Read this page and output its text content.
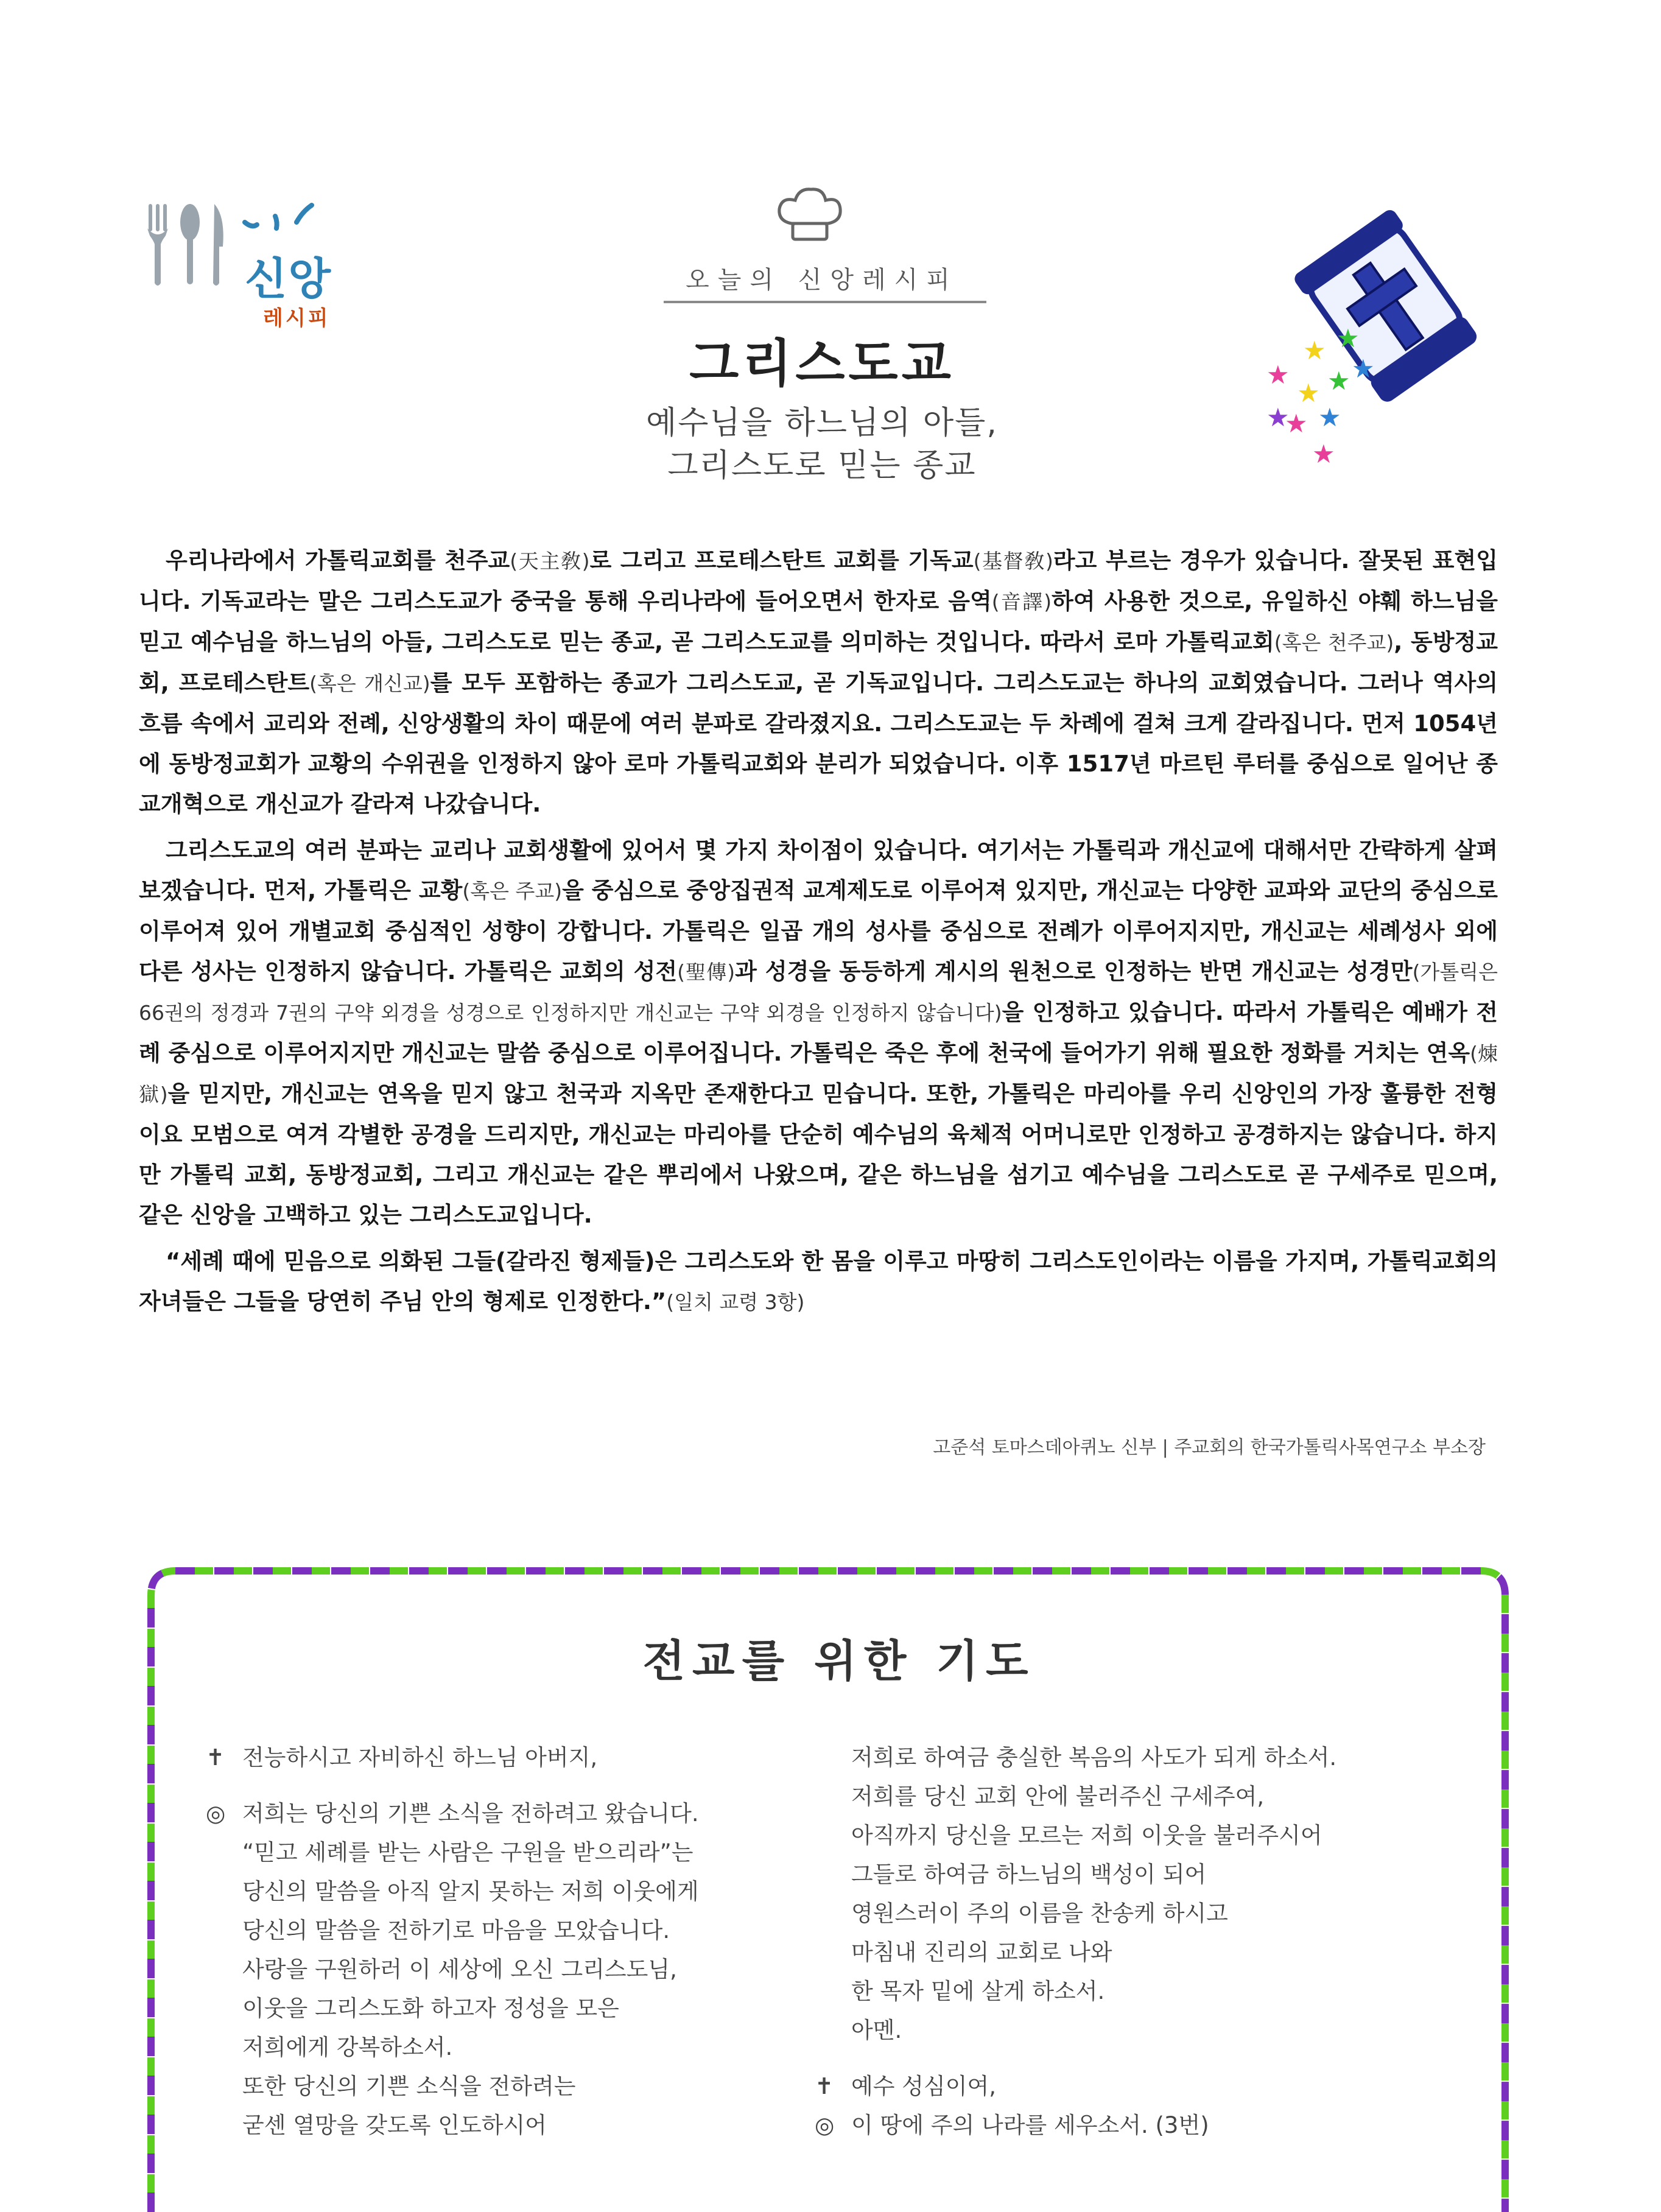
신앙
레시피
오늘의 신앙레시피
그리스도교
예수님을 하느님의 아들,
그리스도로 믿는 종교
★
★ ★
★ ★
★ ★
★
★
★

우리나라에서 가톨릭교회를 천주교(天主敎)로 그리고 프로테스탄트 교회를 기독교(基督敎)라고 부르는 경우가 있습니다. 잘못된 표현입니다. 기독교라는 말은 그리스도교가 중국을 통해 우리나라에 들어오면서 한자로 음역(音譯)하여 사용한 것으로, 유일하신 야훼 하느님을 믿고 예수님을 하느님의 아들, 그리스도로 믿는 종교, 곧 그리스도교를 의미하는 것입니다. 따라서 로마 가톨릭교회(혹은 천주교), 동방정교회, 프로테스탄트(혹은 개신교)를 모두 포함하는 종교가 그리스도교, 곧 기독교입니다. 그리스도교는 하나의 교회였습니다. 그러나 역사의 흐름 속에서 교리와 전례, 신앙생활의 차이 때문에 여러 분파로 갈라졌지요. 그리스도교는 두 차례에 걸쳐 크게 갈라집니다. 먼저 1054년에 동방정교회가 교황의 수위권을 인정하지 않아 로마 가톨릭교회와 분리가 되었습니다. 이후 1517년 마르틴 루터를 중심으로 일어난 종교개혁으로 개신교가 갈라져 나갔습니다.

그리스도교의 여러 분파는 교리나 교회생활에 있어서 몇 가지 차이점이 있습니다. 여기서는 가톨릭과 개신교에 대해서만 간략하게 살펴보겠습니다. 먼저, 가톨릭은 교황(혹은 주교)을 중심으로 중앙집권적 교계제도로 이루어져 있지만, 개신교는 다양한 교파와 교단의 중심으로 이루어져 있어 개별교회 중심적인 성향이 강합니다. 가톨릭은 일곱 개의 성사를 중심으로 전례가 이루어지지만, 개신교는 세례성사 외에 다른 성사는 인정하지 않습니다. 가톨릭은 교회의 성전(聖傳)과 성경을 동등하게 계시의 원천으로 인정하는 반면 개신교는 성경만(가톨릭은 66권의 정경과 7권의 구약 외경을 성경으로 인정하지만 개신교는 구약 외경을 인정하지 않습니다)을 인정하고 있습니다. 따라서 가톨릭은 예배가 전례 중심으로 이루어지지만 개신교는 말씀 중심으로 이루어집니다. 가톨릭은 죽은 후에 천국에 들어가기 위해 필요한 정화를 거치는 연옥(煉獄)을 믿지만, 개신교는 연옥을 믿지 않고 천국과 지옥만 존재한다고 믿습니다. 또한, 가톨릭은 마리아를 우리 신앙인의 가장 훌륭한 전형이요 모범으로 여겨 각별한 공경을 드리지만, 개신교는 마리아를 단순히 예수님의 육체적 어머니로만 인정하고 공경하지는 않습니다. 하지만 가톨릭 교회, 동방정교회, 그리고 개신교는 같은 뿌리에서 나왔으며, 같은 하느님을 섬기고 예수님을 그리스도로 곧 구세주로 믿으며, 같은 신앙을 고백하고 있는 그리스도교입니다.

“세례 때에 믿음으로 의화된 그들(갈라진 형제들)은 그리스도와 한 몸을 이루고 마땅히 그리스도인이라는 이름을 가지며, 가톨릭교회의 자녀들은 그들을 당연히 주님 안의 형제로 인정한다.”(일치 교령 3항)

고준석 토마스데아퀴노 신부 | 주교회의 한국가톨릭사목연구소 부소장
전교를 위한 기도
✝ 전능하시고 자비하신 하느님 아버지,
◎ 저희는 당신의 기쁜 소식을 전하려고 왔습니다.
“믿고 세례를 받는 사람은 구원을 받으리라”는
당신의 말씀을 아직 알지 못하는 저희 이웃에게
당신의 말씀을 전하기로 마음을 모았습니다.
사랑을 구원하러 이 세상에 오신 그리스도님,
이웃을 그리스도화 하고자 정성을 모은
저희에게 강복하소서.
또한 당신의 기쁜 소식을 전하려는
굳센 열망을 갖도록 인도하시어
저희로 하여금 충실한 복음의 사도가 되게 하소서.
저희를 당신 교회 안에 불러주신 구세주여,
아직까지 당신을 모르는 저희 이웃을 불러주시어
그들로 하여금 하느님의 백성이 되어
영원스러이 주의 이름을 찬송케 하시고
마침내 진리의 교회로 나와
한 목자 밑에 살게 하소서.
아멘.
✝ 예수 성심이여,
◎ 이 땅에 주의 나라를 세우소서. (3번)
